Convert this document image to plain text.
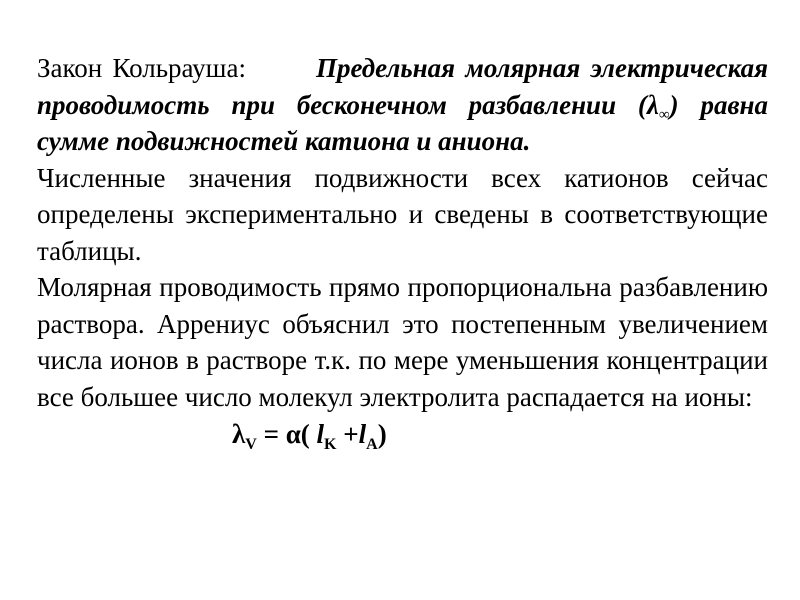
Закон Кольрауша:	Предельная молярная электрическая проводимость при бесконечном разбавлении $(\lambda_\infty)$ равна сумме подвижностей катиона и аниона.

Численные значения подвижности всех катионов сейчас определены экспериментально и сведены в соответствующие таблицы.

Молярная проводимость прямо пропорциональна разбавлению раствора. Аррениус объяснил это постепенным увеличением числа ионов в растворе т.к. по мере уменьшения концентрации все большее число молекул электролита распадается на ионы:

$\lambda_V = \alpha$( $l_K +l_A$)
